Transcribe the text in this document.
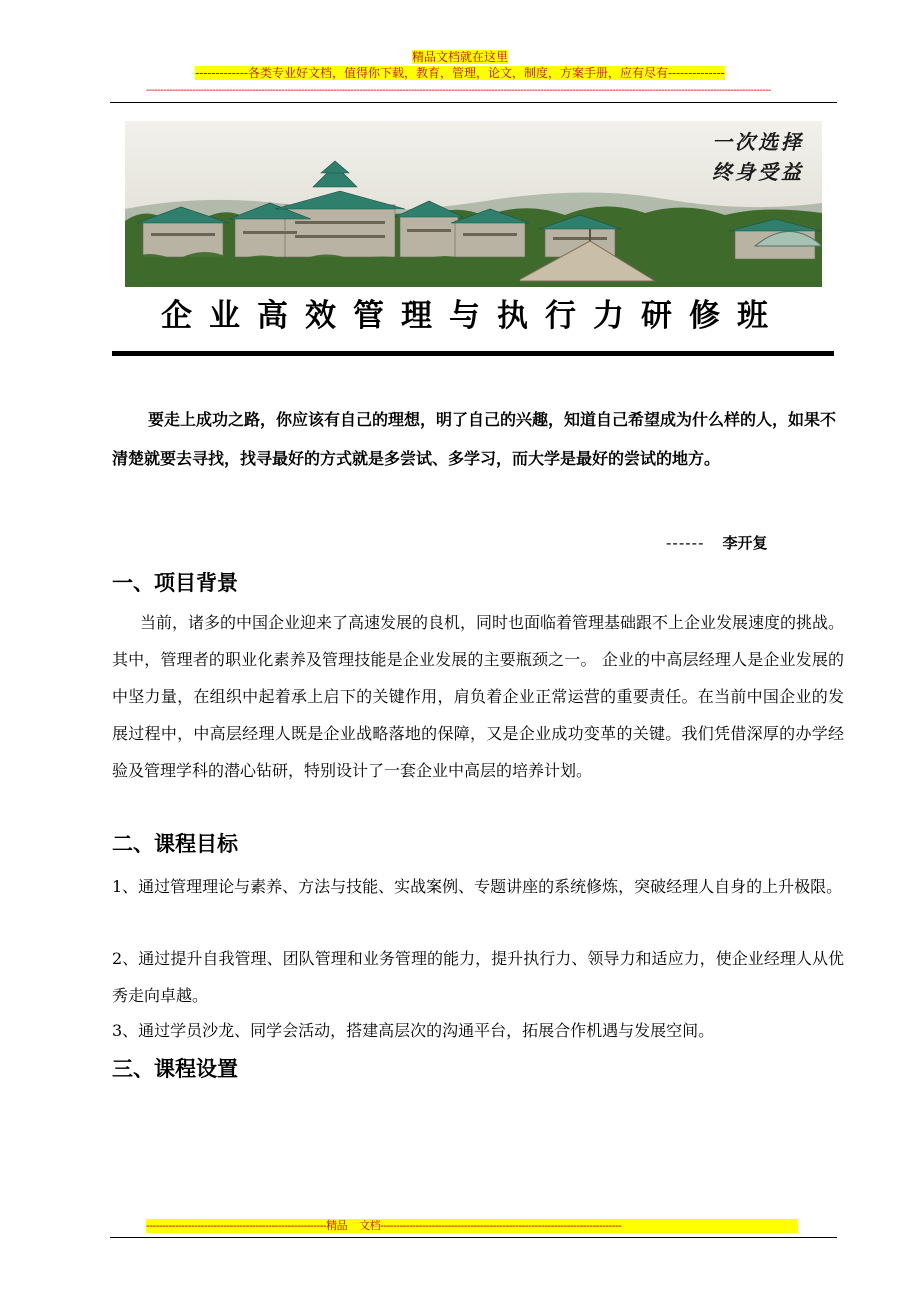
精品文档就在这里
-------------各类专业好文档，值得你下载，教育，管理，论文，制度，方案手册，应有尽有--------------
-------------------------------------------------------------------------------------------------------------------------------------------------------------------------------------------------------------------------
一次选择
终身受益
企业高效管理与执行力研修班
要走上成功之路，你应该有自己的理想，明了自己的兴趣，知道自己希望成为什么样的人，如果不清楚就要去寻找，找寻最好的方式就是多尝试、多学习，而大学是最好的尝试的地方。
------ 李开复
一、项目背景
当前，诸多的中国企业迎来了高速发展的良机，同时也面临着管理基础跟不上企业发展速度的挑战。其中，管理者的职业化素养及管理技能是企业发展的主要瓶颈之一。 企业的中高层经理人是企业发展的中坚力量，在组织中起着承上启下的关键作用，肩负着企业正常运营的重要责任。在当前中国企业的发展过程中，中高层经理人既是企业战略落地的保障，又是企业成功变革的关键。我们凭借深厚的办学经验及管理学科的潜心钻研，特别设计了一套企业中高层的培养计划。
二、课程目标
1、通过管理理论与素养、方法与技能、实战案例、专题讲座的系统修炼，突破经理人自身的上升极限。
2、通过提升自我管理、团队管理和业务管理的能力，提升执行力、领导力和适应力，使企业经理人从优秀走向卓越。
3、通过学员沙龙、同学会活动，搭建高层次的沟通平台，拓展合作机遇与发展空间。
三、课程设置
--------------------------------------------------------精品    文档---------------------------------------------------------------------------
